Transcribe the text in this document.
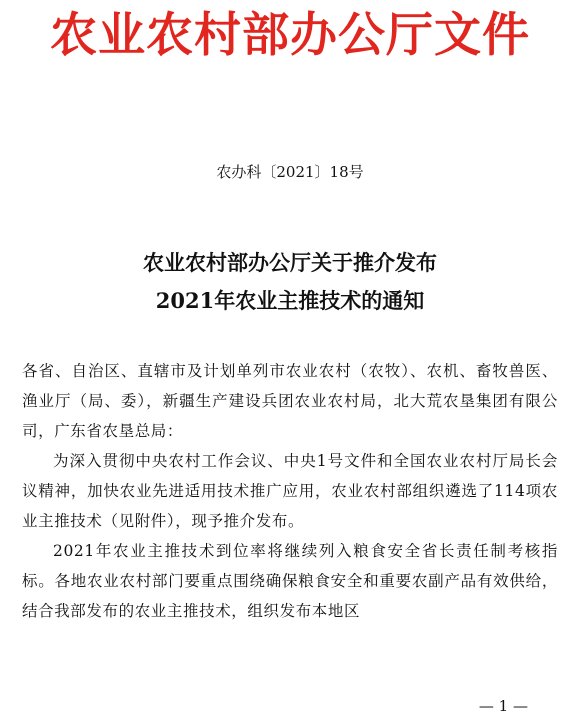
农业农村部办公厅文件
农办科〔2021〕18号
农业农村部办公厅关于推介发布
2021年农业主推技术的通知

各省、自治区、直辖市及计划单列市农业农村（农牧）、农机、畜牧兽医、渔业厅（局、委），新疆生产建设兵团农业农村局，北大荒农垦集团有限公司，广东省农垦总局：

为深入贯彻中央农村工作会议、中央1号文件和全国农业农村厅局长会议精神，加快农业先进适用技术推广应用，农业农村部组织遴选了114项农业主推技术（见附件），现予推介发布。

2021年农业主推技术到位率将继续列入粮食安全省长责任制考核指标。各地农业农村部门要重点围绕确保粮食安全和重要农副产品有效供给，结合我部发布的农业主推技术，组织发布本地区

— 1 —
